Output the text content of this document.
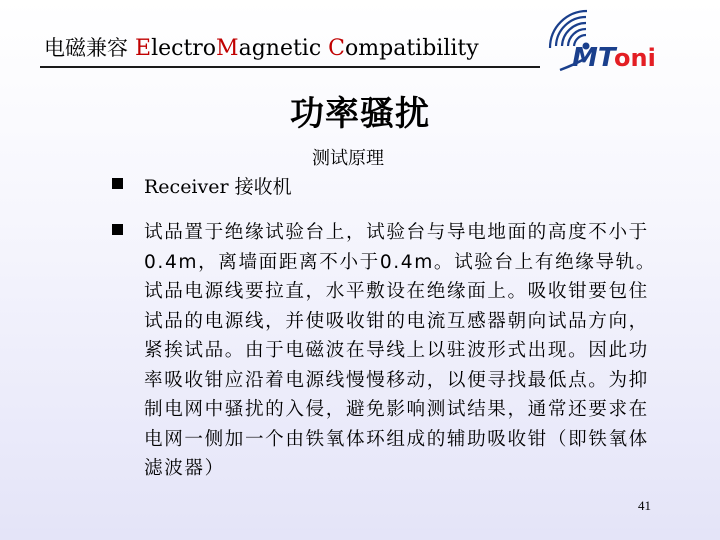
电磁兼容 ElectroMagnetic Compatibility	MT
oni
功率骚扰
测试原理
Receiver 接收机
试品置于绝缘试验台上，试验台与导电地面的高度不小于0.4m，离墙面距离不小于0.4m。试验台上有绝缘导轨。试品电源线要拉直，水平敷设在绝缘面上。吸收钳要包住试品的电源线，并使吸收钳的电流互感器朝向试品方向，紧挨试品。由于电磁波在导线上以驻波形式出现。因此功率吸收钳应沿着电源线慢慢移动，以便寻找最低点。为抑制电网中骚扰的入侵，避免影响测试结果，通常还要求在电网一侧加一个由铁氧体环组成的辅助吸收钳（即铁氧体滤波器）
41
